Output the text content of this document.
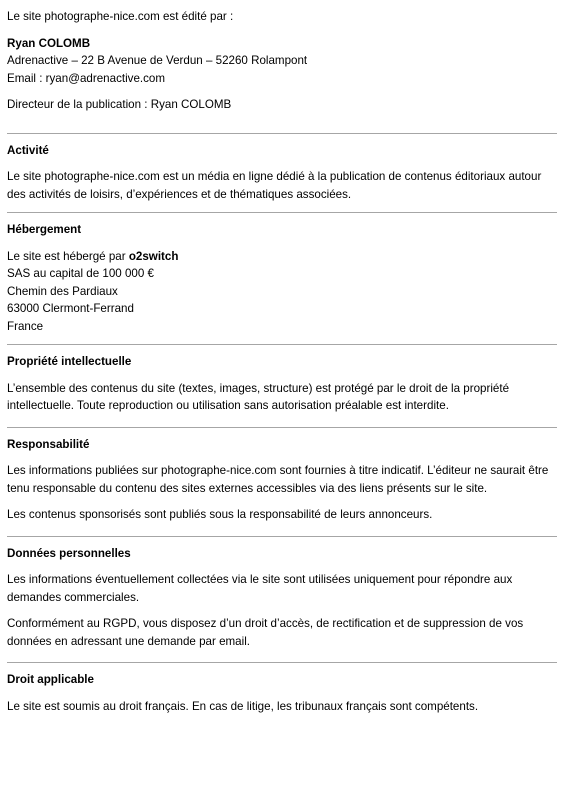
Le site photographe-nice.com est édité par :

Ryan COLOMB
Adrenactive – 22 B Avenue de Verdun – 52260 Rolampont
Email : ryan@adrenactive.com

Directeur de la publication : Ryan COLOMB

Activité

Le site photographe-nice.com est un média en ligne dédié à la publication de contenus éditoriaux autour des activités de loisirs, d’expériences et de thématiques associées.

Hébergement
Le site est hébergé par o2switch
SAS au capital de 100 000 €
Chemin des Pardiaux
63000 Clermont-Ferrand
France
Propriété intellectuelle

L’ensemble des contenus du site (textes, images, structure) est protégé par le droit de la propriété intellectuelle. Toute reproduction ou utilisation sans autorisation préalable est interdite.

Responsabilité

Les informations publiées sur photographe-nice.com sont fournies à titre indicatif. L’éditeur ne saurait être tenu responsable du contenu des sites externes accessibles via des liens présents sur le site.

Les contenus sponsorisés sont publiés sous la responsabilité de leurs annonceurs.

Données personnelles

Les informations éventuellement collectées via le site sont utilisées uniquement pour répondre aux demandes commerciales.

Conformément au RGPD, vous disposez d’un droit d’accès, de rectification et de suppression de vos données en adressant une demande par email.

Droit applicable

Le site est soumis au droit français. En cas de litige, les tribunaux français sont compétents.
